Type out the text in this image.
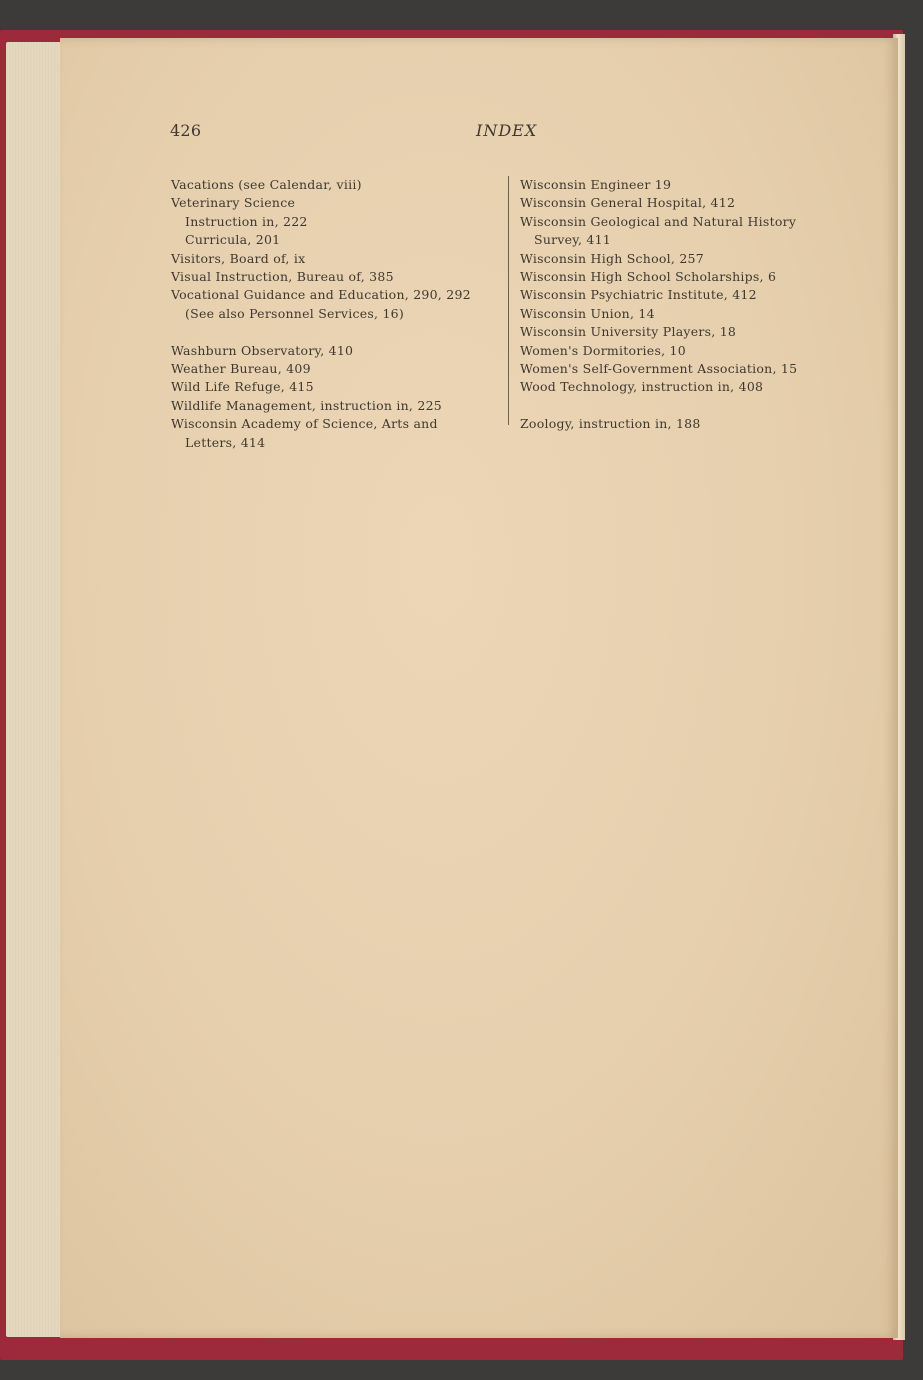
426	INDEX
Vacations (see Calendar, viii)
Veterinary Science
Instruction in, 222
Curricula, 201
Visitors, Board of, ix
Visual Instruction, Bureau of, 385
Vocational Guidance and Education, 290, 292
(See also Personnel Services, 16)
Washburn Observatory, 410
Weather Bureau, 409
Wild Life Refuge, 415
Wildlife Management, instruction in, 225
Wisconsin Academy of Science, Arts and
Letters, 414
Wisconsin Engineer 19
Wisconsin General Hospital, 412
Wisconsin Geological and Natural History
Survey, 411
Wisconsin High School, 257
Wisconsin High School Scholarships, 6
Wisconsin Psychiatric Institute, 412
Wisconsin Union, 14
Wisconsin University Players, 18
Women's Dormitories, 10
Women's Self-Government Association, 15
Wood Technology, instruction in, 408
Zoology, instruction in, 188
